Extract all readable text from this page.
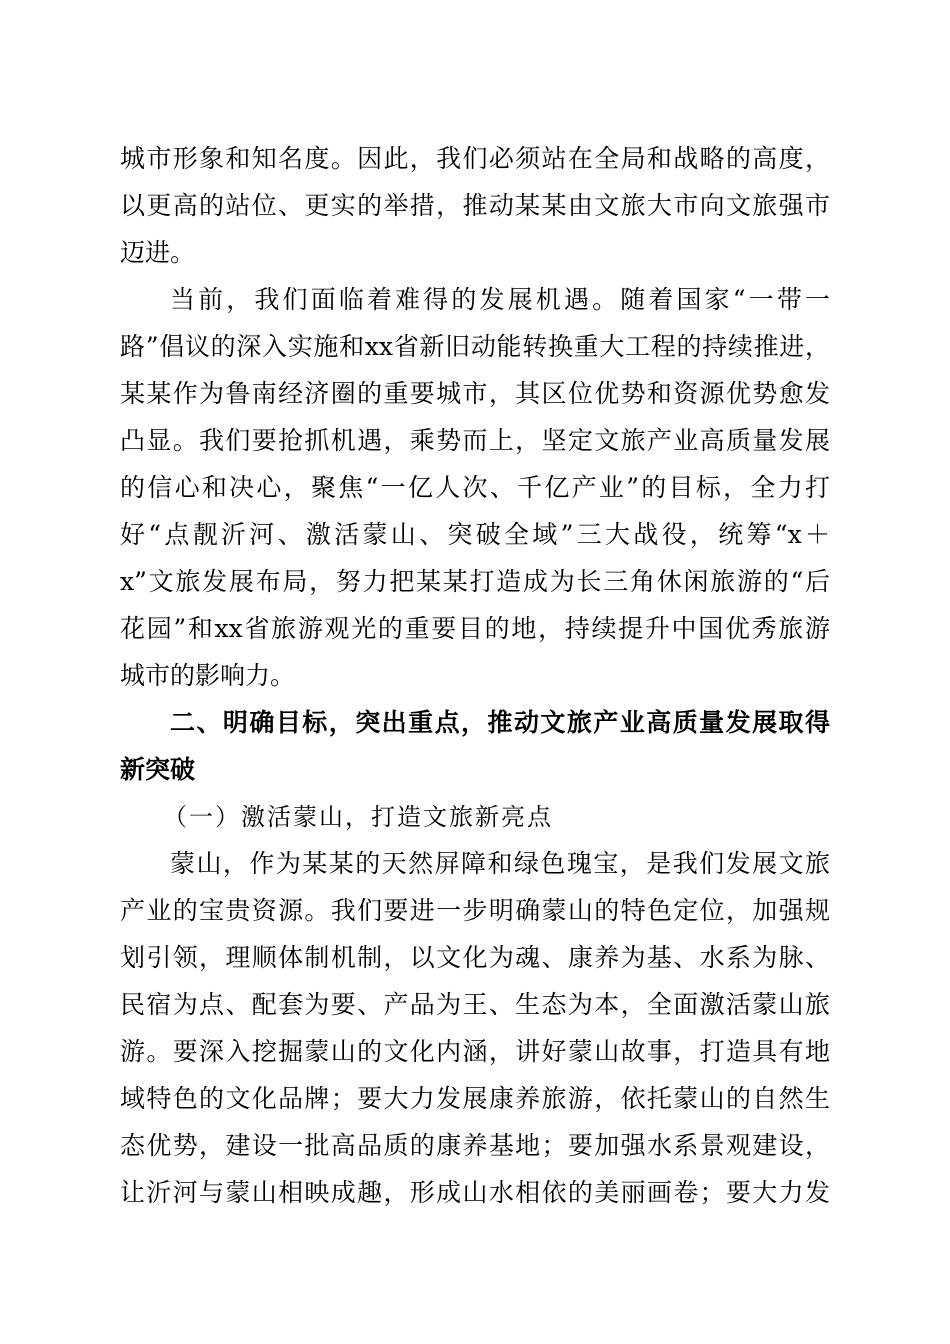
城市形象和知名度。因此，我们必须站在全局和战略的高度，
以更高的站位、更实的举措，推动某某由文旅大市向文旅强市
迈进。
当前，我们面临着难得的发展机遇。随着国家“一带一
路”倡议的深入实施和xx省新旧动能转换重大工程的持续推进，
某某作为鲁南经济圈的重要城市，其区位优势和资源优势愈发
凸显。我们要抢抓机遇，乘势而上，坚定文旅产业高质量发展
的信心和决心，聚焦“一亿人次、千亿产业”的目标，全力打
好“点靓沂河、激活蒙山、突破全域”三大战役，统筹“x＋
x”文旅发展布局，努力把某某打造成为长三角休闲旅游的“后
花园”和xx省旅游观光的重要目的地，持续提升中国优秀旅游
城市的影响力。
二、明确目标，突出重点，推动文旅产业高质量发展取得
新突破
（一）激活蒙山，打造文旅新亮点
蒙山，作为某某的天然屏障和绿色瑰宝，是我们发展文旅
产业的宝贵资源。我们要进一步明确蒙山的特色定位，加强规
划引领，理顺体制机制，以文化为魂、康养为基、水系为脉、
民宿为点、配套为要、产品为王、生态为本，全面激活蒙山旅
游。要深入挖掘蒙山的文化内涵，讲好蒙山故事，打造具有地
域特色的文化品牌；要大力发展康养旅游，依托蒙山的自然生
态优势，建设一批高品质的康养基地；要加强水系景观建设，
让沂河与蒙山相映成趣，形成山水相依的美丽画卷；要大力发
